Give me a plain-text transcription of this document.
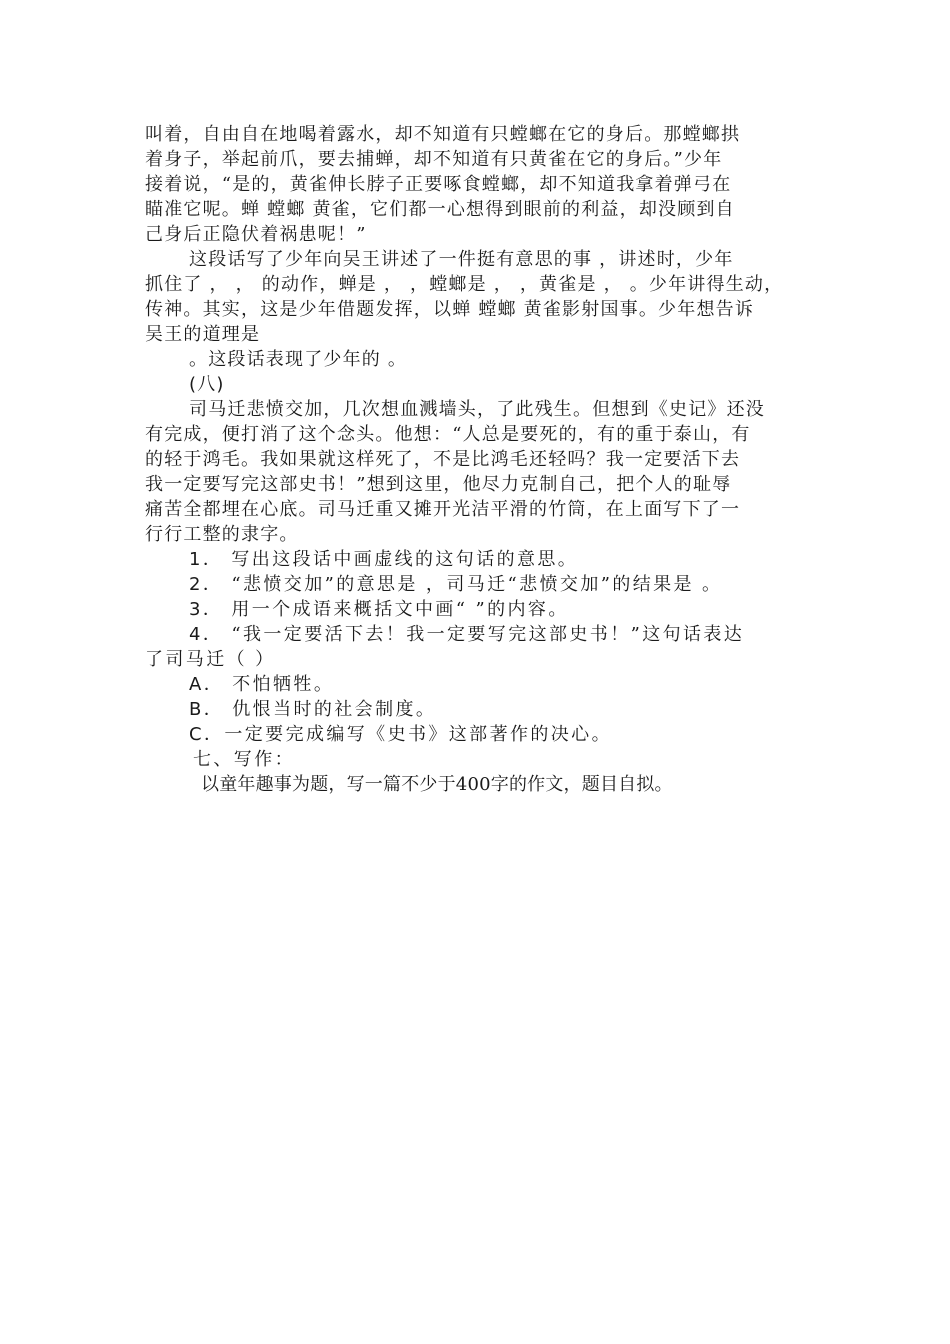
叫着，自由自在地喝着露水，却不知道有只螳螂在它的身后。那螳螂拱
着身子，举起前爪，要去捕蝉，却不知道有只黄雀在它的身后。”少年
接着说，“是的，黄雀伸长脖子正要啄食螳螂，却不知道我拿着弹弓在
瞄准它呢。蝉 螳螂 黄雀，它们都一心想得到眼前的利益，却没顾到自
己身后正隐伏着祸患呢！”
这段话写了少年向吴王讲述了一件挺有意思的事 ，讲述时，少年
抓住了 ， ， 的动作，蝉是 ， ，螳螂是 ， ，黄雀是 ， 。少年讲得生动，
传神。其实，这是少年借题发挥，以蝉 螳螂 黄雀影射国事。少年想告诉
吴王的道理是
。这段话表现了少年的 。
(八)
司马迁悲愤交加，几次想血溅墙头，了此残生。但想到《史记》还没
有完成，便打消了这个念头。他想：“人总是要死的，有的重于泰山，有
的轻于鸿毛。我如果就这样死了，不是比鸿毛还轻吗？我一定要活下去
我一定要写完这部史书！”想到这里，他尽力克制自己，把个人的耻辱
痛苦全都埋在心底。司马迁重又摊开光洁平滑的竹筒，在上面写下了一
行行工整的隶字。
1． 写出这段话中画虚线的这句话的意思。
2． “悲愤交加”的意思是 ，司马迁“悲愤交加”的结果是 。
3． 用一个成语来概括文中画“ ”的内容。
4． “我一定要活下去！我一定要写完这部史书！”这句话表达
了司马迁（ ）
A． 不怕牺牲。
B． 仇恨当时的社会制度。
C．一定要完成编写《史书》这部著作的决心。
七、写作：
以童年趣事为题，写一篇不少于400字的作文，题目自拟。
